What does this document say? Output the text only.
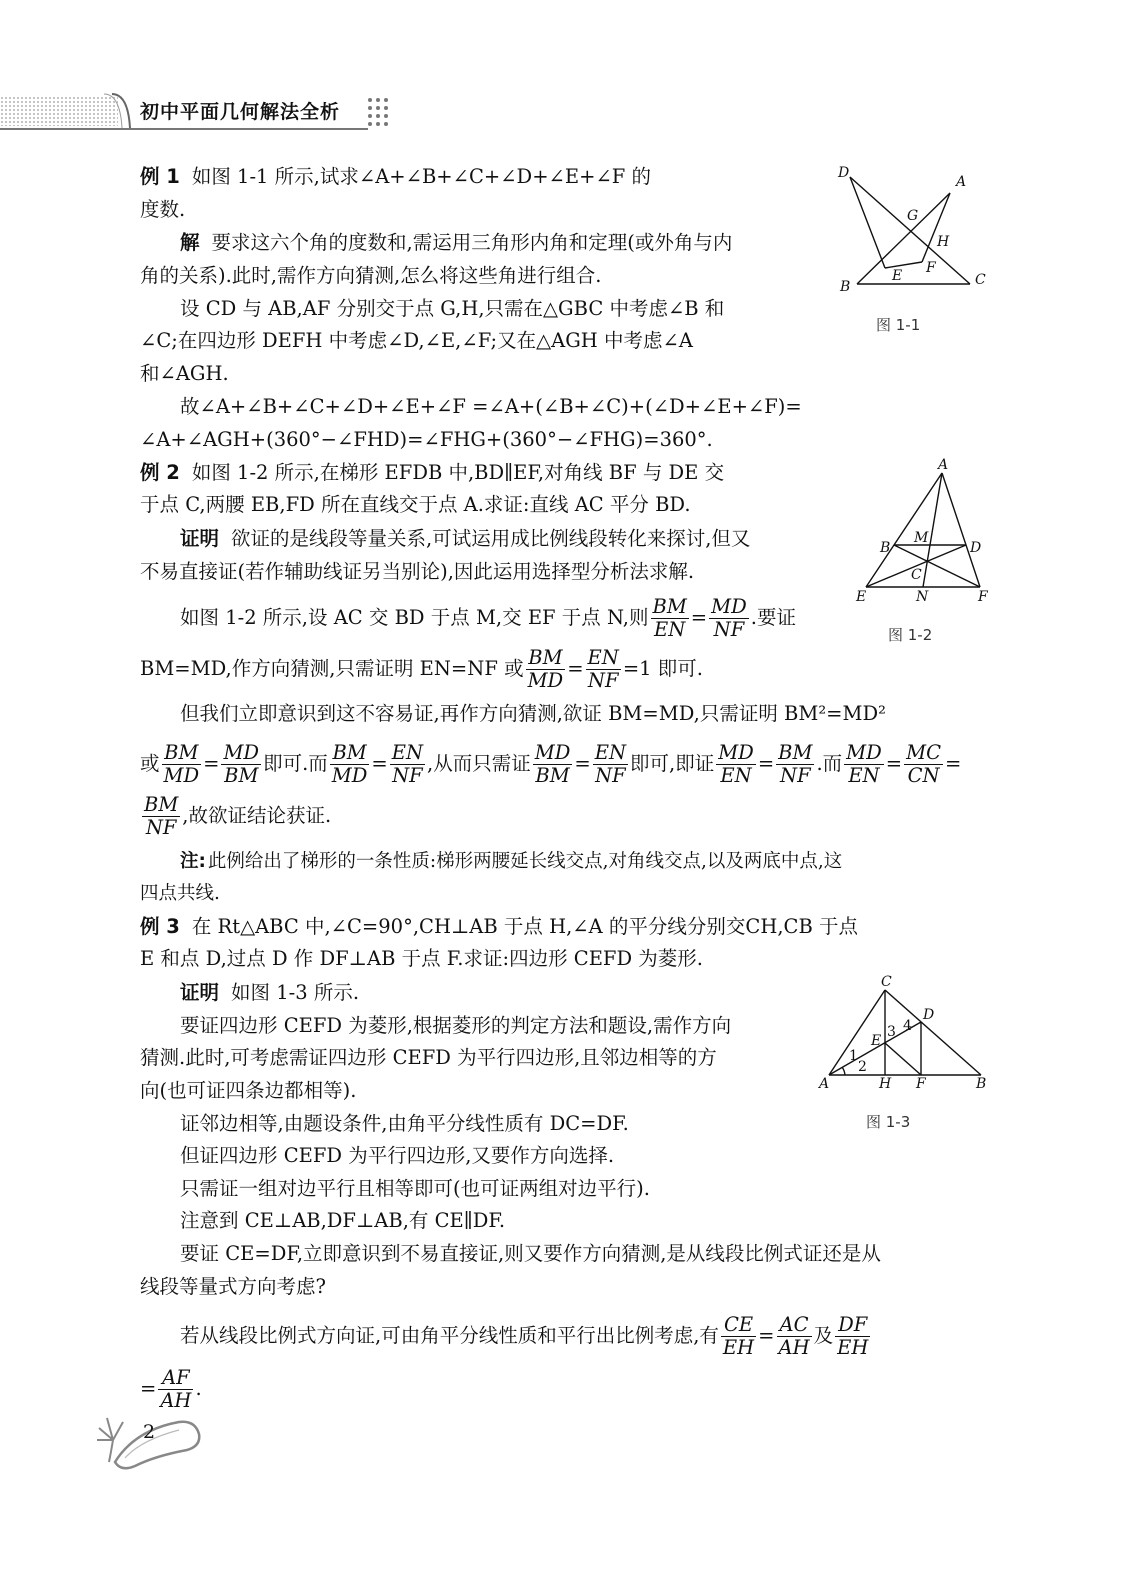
初中平面几何解法全析
例 1 如图 1-1 所示,试求∠A+∠B+∠C+∠D+∠E+∠F 的
度数.
解 要求这六个角的度数和,需运用三角形内角和定理(或外角与内
角的关系).此时,需作方向猜测,怎么将这些角进行组合.
设 CD 与 AB,AF 分别交于点 G,H,只需在△GBC 中考虑∠B 和
∠C;在四边形 DEFH 中考虑∠D,∠E,∠F;又在△AGH 中考虑∠A
和∠AGH.
故∠A+∠B+∠C+∠D+∠E+∠F =∠A+(∠B+∠C)+(∠D+∠E+∠F)=
∠A+∠AGH+(360°−∠FHD)=∠FHG+(360°−∠FHG)=360°.
D
A
G
H
E F
B	C
图 1-1
例 2 如图 1-2 所示,在梯形 EFDB 中,BD∥EF,对角线 BF 与 DE 交
于点 C,两腰 EB,FD 所在直线交于点 A.求证:直线 AC 平分 BD.
证明 欲证的是线段等量关系,可试运用成比例线段转化来探讨,但又
不易直接证(若作辅助线证另当别论),因此运用选择型分析法求解.
如图 1-2 所示,设 AC 交 BD 于点 M,交 EF 于点 N,则 $\frac{BM}{EN} = \frac{MD}{NF}$ .要证
BM=MD,作方向猜测,只需证明 EN=NF 或 $\frac{BM}{MD} = \frac{EN}{NF} =1$ 即可.
但我们立即意识到这不容易证,再作方向猜测,欲证 BM=MD,只需证明 BM²=MD²
或 $\frac{BM}{MD} = \frac{MD}{BM}$ 即可.而 $\frac{BM}{MD} = \frac{EN}{NF}$ ,从而只需证 $\frac{MD}{BM} = \frac{EN}{NF}$ 即可,即证 $\frac{MD}{EN} = \frac{BM}{NF}$ .而 $\frac{MD}{EN} = \frac{MC}{CN}$ =
$\frac{BM}{NF}$ ,故欲证结论获证.
注: 此例给出了梯形的一条性质:梯形两腰延长线交点,对角线交点,以及两底中点,这
四点共线.
A
B
M
D
C
E	N	F
图 1-2
例 3 在 Rt△ABC 中,∠C=90°,CH⊥AB 于点 H,∠A 的平分线分别交CH,CB 于点
E 和点 D,过点 D 作 DF⊥AB 于点 F.求证:四边形 CEFD 为菱形.
证明 如图 1-3 所示.
要证四边形 CEFD 为菱形,根据菱形的判定方法和题设,需作方向
猜测.此时,可考虑需证四边形 CEFD 为平行四边形,且邻边相等的方
向(也可证四条边都相等).
证邻边相等,由题设条件,由角平分线性质有 DC=DF.
但证四边形 CEFD 为平行四边形,又要作方向选择.
只需证一组对边平行且相等即可(也可证两组对边平行).
注意到 CE⊥AB,DF⊥AB,有 CE∥DF.
要证 CE=DF,立即意识到不易直接证,则又要作方向猜测,是从线段比例式证还是从
线段等量式方向考虑?
若从线段比例式方向证,可由角平分线性质和平行出比例考虑,有 $\frac{CE}{EH} = \frac{AC}{AH}$ 及 $\frac{DF}{EH}$
= $\frac{AF}{AH}$ .
C
D
E
A	H F	B
1
2
3 4
图 1-3
2
